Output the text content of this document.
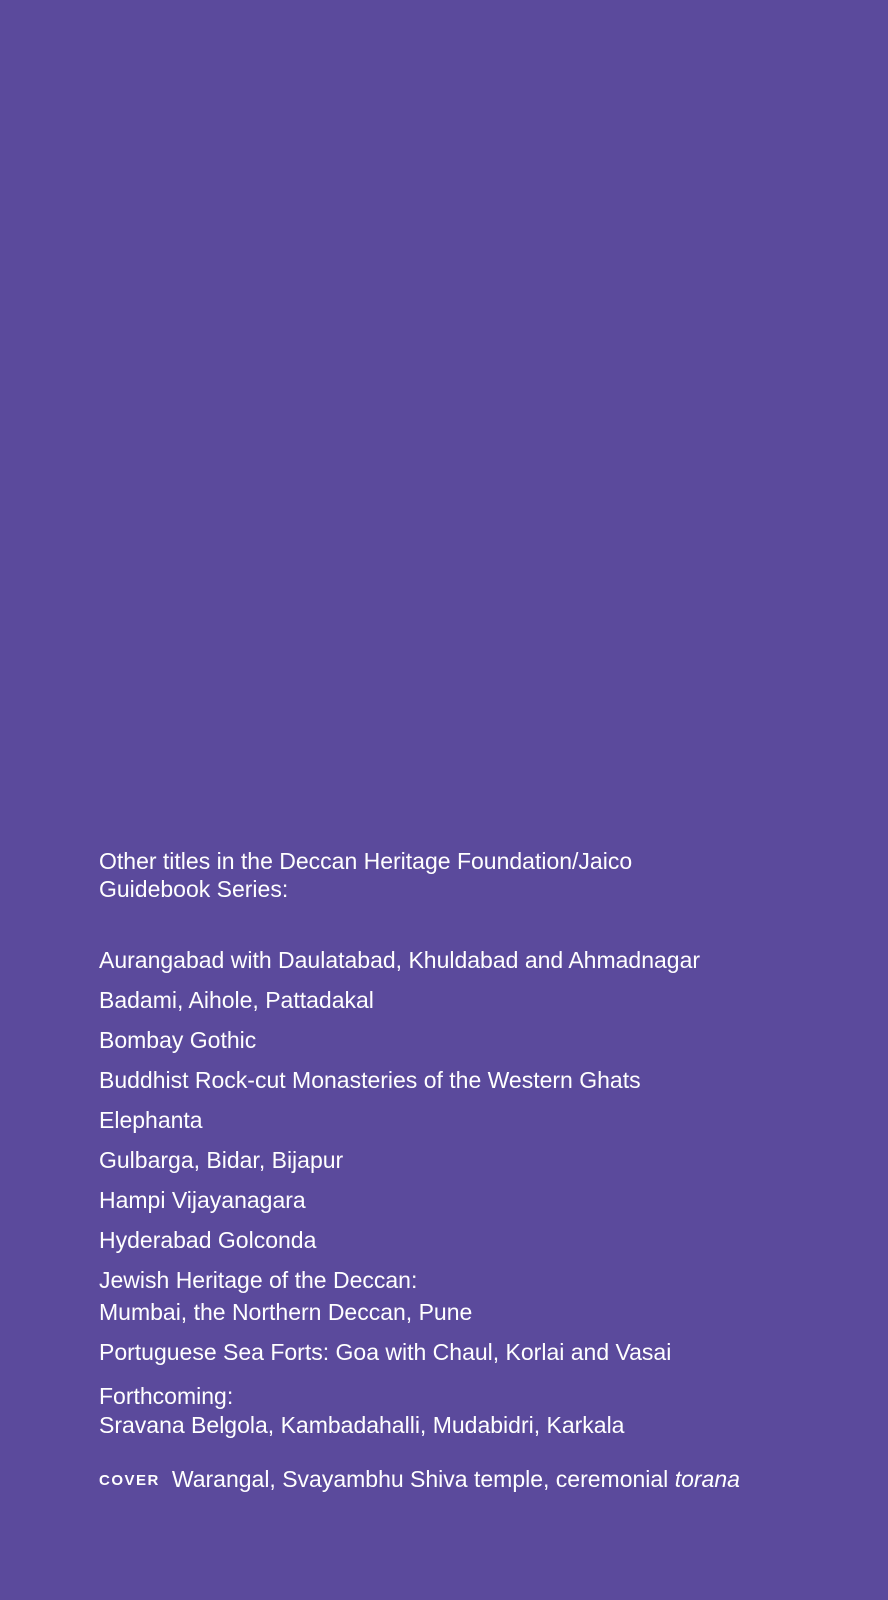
Other titles in the Deccan Heritage Foundation/Jaico
Guidebook Series:

Aurangabad with Daulatabad, Khuldabad and Ahmadnagar
Badami, Aihole, Pattadakal
Bombay Gothic
Buddhist Rock-cut Monasteries of the Western Ghats
Elephanta
Gulbarga, Bidar, Bijapur
Hampi Vijayanagara
Hyderabad Golconda
Jewish Heritage of the Deccan:
Mumbai, the Northern Deccan, Pune
Portuguese Sea Forts: Goa with Chaul, Korlai and Vasai
Forthcoming:
Sravana Belgola, Kambadahalli, Mudabidri, Karkala
COVER Warangal, Svayambhu Shiva temple, ceremonial torana
